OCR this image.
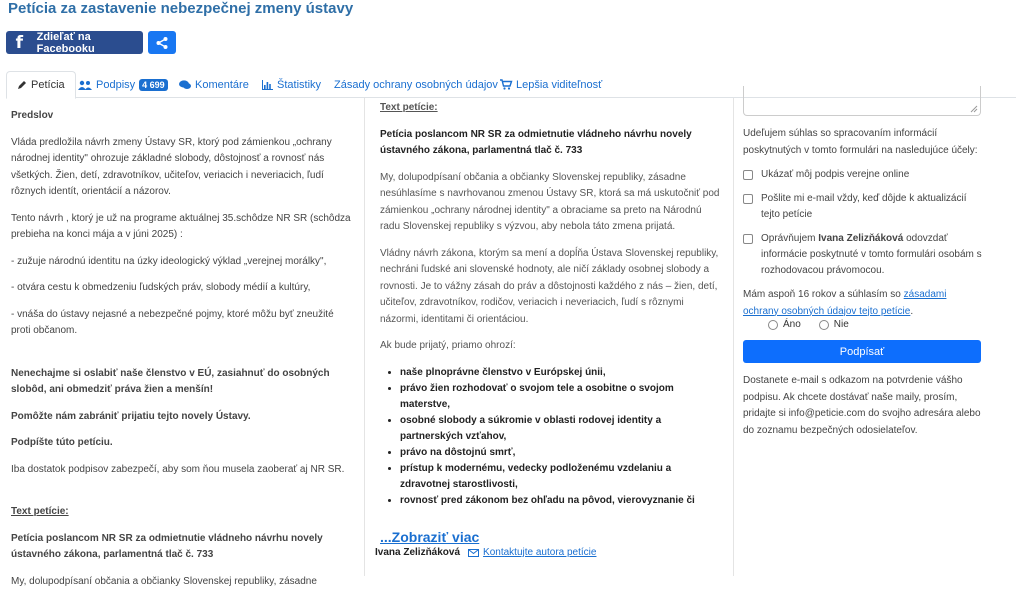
Petícia za zastavenie nebezpečnej zmeny ústavy
f	Zdieľať na Facebooku
Petícia	Podpisy 4 699	Komentáre	Štatistiky Zásady ochrany osobných údajov Lepšia viditeľnosť

Predslov

Vláda predložila návrh zmeny Ústavy SR, ktorý pod zámienkou „ochrany národnej identity" ohrozuje základné slobody, dôstojnosť a rovnosť nás všetkých. Žien, detí, zdravotníkov, učiteľov, veriacich i neveriacich, ľudí rôznych identít, orientácií a názorov.

Tento návrh , ktorý je už na programe aktuálnej 35.schôdze NR SR (schôdza prebieha na konci mája a v júni 2025) :

- zužuje národnú identitu na úzky ideologický výklad „verejnej morálky",

- otvára cestu k obmedzeniu ľudských práv, slobody médií a kultúry,

- vnáša do ústavy nejasné a nebezpečné pojmy, ktoré môžu byť zneužité proti občanom.

Nenechajme si oslabiť naše členstvo v EÚ, zasiahnuť do osobných slobôd, ani obmedziť práva žien a menšín!

Pomôžte nám zabrániť prijatiu tejto novely Ústavy.

Podpíšte túto petíciu.

Iba dostatok podpisov zabezpečí, aby som ňou musela zaoberať aj NR SR.

Text petície:

Petícia poslancom NR SR za odmietnutie vládneho návrhu novely ústavného zákona, parlamentná tlač č. 733

My, dolupodpísaní občania a občianky Slovenskej republiky, zásadne

Text petície:

Petícia poslancom NR SR za odmietnutie vládneho návrhu novely ústavného zákona, parlamentná tlač č. 733

My, dolupodpísaní občania a občianky Slovenskej republiky, zásadne nesúhlasíme s navrhovanou zmenou Ústavy SR, ktorá sa má uskutočniť pod zámienkou „ochrany národnej identity" a obraciame sa preto na Národnú radu Slovenskej republiky s výzvou, aby nebola táto zmena prijatá.

Vládny návrh zákona, ktorým sa mení a dopĺňa Ústava Slovenskej republiky, nechráni ľudské ani slovenské hodnoty, ale ničí základy osobnej slobody a rovnosti. Je to vážny zásah do práv a dôstojnosti každého z nás – žien, detí, učiteľov, zdravotníkov, rodičov, veriacich i neveriacich, ľudí s rôznymi názormi, identitami či orientáciou.

Ak bude prijatý, priamo ohrozí:

• naše plnoprávne členstvo v Európskej únii,
• právo žien rozhodovať o svojom tele a osobitne o svojom materstve,
• osobné slobody a súkromie v oblasti rodovej identity a partnerských vzťahov,
• právo na dôstojnú smrť,
• prístup k modernému, vedecky podloženému vzdelaniu a zdravotnej starostlivosti,
• rovnosť pred zákonom bez ohľadu na pôvod, vierovyznanie či
...Zobraziť viac
Ivana Zelizňáková Kontaktujte autora petície

Udeľujem súhlas so spracovaním informácií poskytnutých v tomto formulári na nasledujúce účely:

Ukázať môj podpis verejne online
Pošlite mi e-mail vždy, keď dôjde k aktualizácií tejto petície
Oprávňujem Ivana Zelizňáková odovzdať informácie poskytnuté v tomto formulári osobám s rozhodovacou právomocou.

Mám aspoň 16 rokov a súhlasím so zásadami ochrany osobných údajov tejto petície.

Áno	Nie
Podpísať
Dostanete e-mail s odkazom na potvrdenie vášho podpisu. Ak chcete dostávať naše maily, prosím, pridajte si info@peticie.com do svojho adresára alebo do zoznamu bezpečných odosielateľov.
